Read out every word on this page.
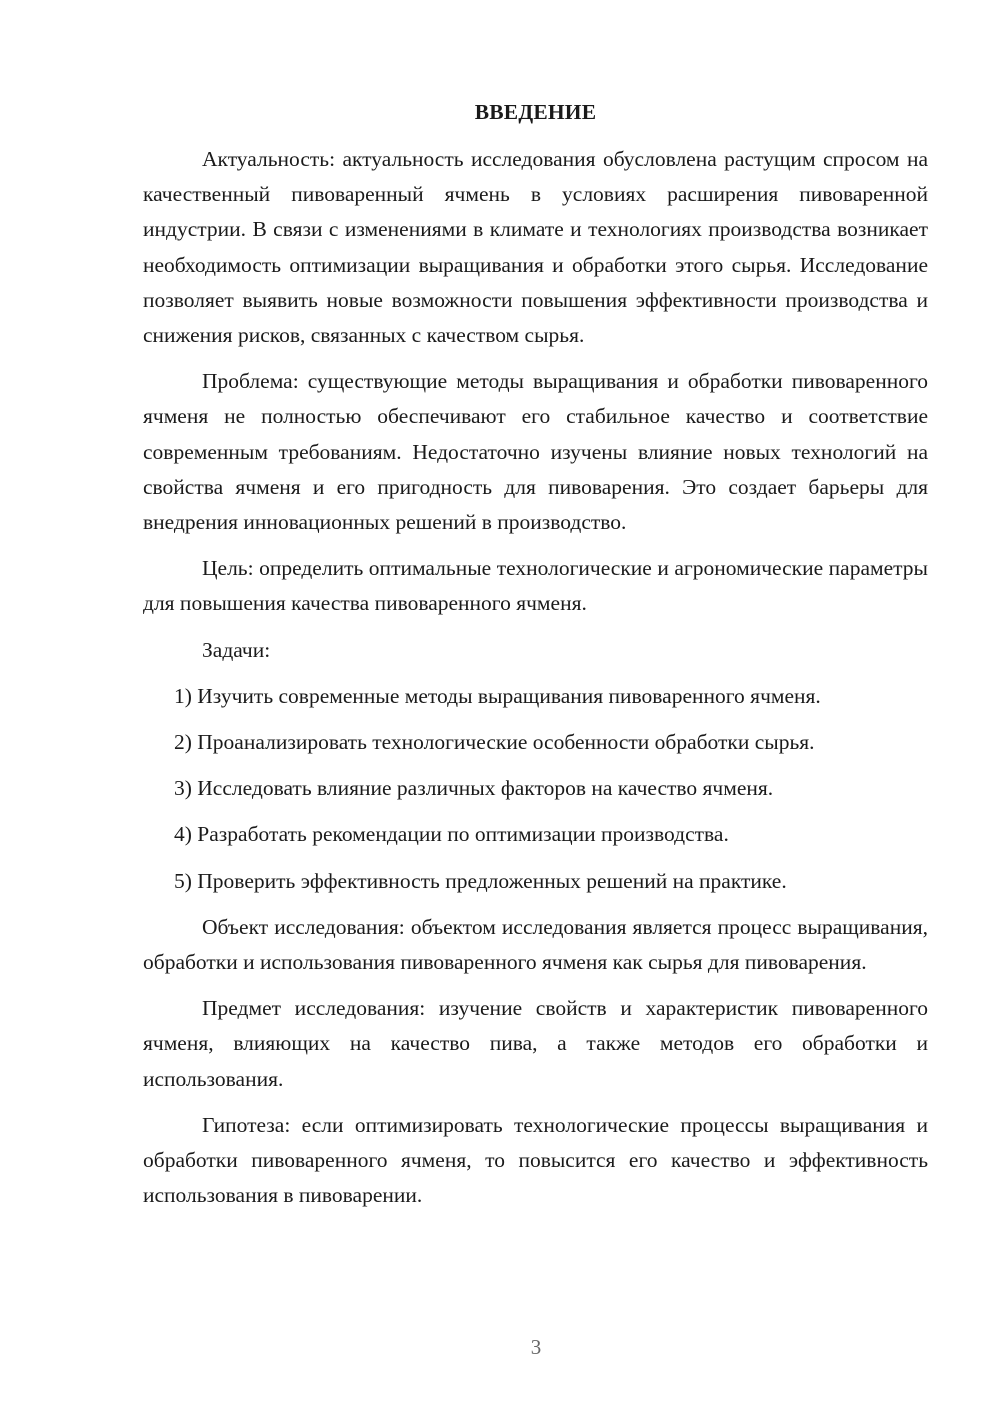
ВВЕДЕНИЕ

Актуальность: актуальность исследования обусловлена растущим спросом на качественный пивоваренный ячмень в условиях расширения пивоваренной индустрии. В связи с изменениями в климате и технологиях производства возникает необходимость оптимизации выращивания и обработки этого сырья. Исследование позволяет выявить новые возможности повышения эффективности производства и снижения рисков, связанных с качеством сырья.

Проблема: существующие методы выращивания и обработки пивоваренного ячменя не полностью обеспечивают его стабильное качество и соответствие современным требованиям. Недостаточно изучены влияние новых технологий на свойства ячменя и его пригодность для пивоварения. Это создает барьеры для внедрения инновационных решений в производство.

Цель: определить оптимальные технологические и агрономические параметры для повышения качества пивоваренного ячменя.

Задачи:

1) Изучить современные методы выращивания пивоваренного ячменя.
2) Проанализировать технологические особенности обработки сырья.
3) Исследовать влияние различных факторов на качество ячменя.
4) Разработать рекомендации по оптимизации производства.
5) Проверить эффективность предложенных решений на практике.

Объект исследования: объектом исследования является процесс выращивания, обработки и использования пивоваренного ячменя как сырья для пивоварения.

Предмет исследования: изучение свойств и характеристик пивоваренного ячменя, влияющих на качество пива, а также методов его обработки и использования.

Гипотеза: если оптимизировать технологические процессы выращивания и обработки пивоваренного ячменя, то повысится его качество и эффективность использования в пивоварении.

3
